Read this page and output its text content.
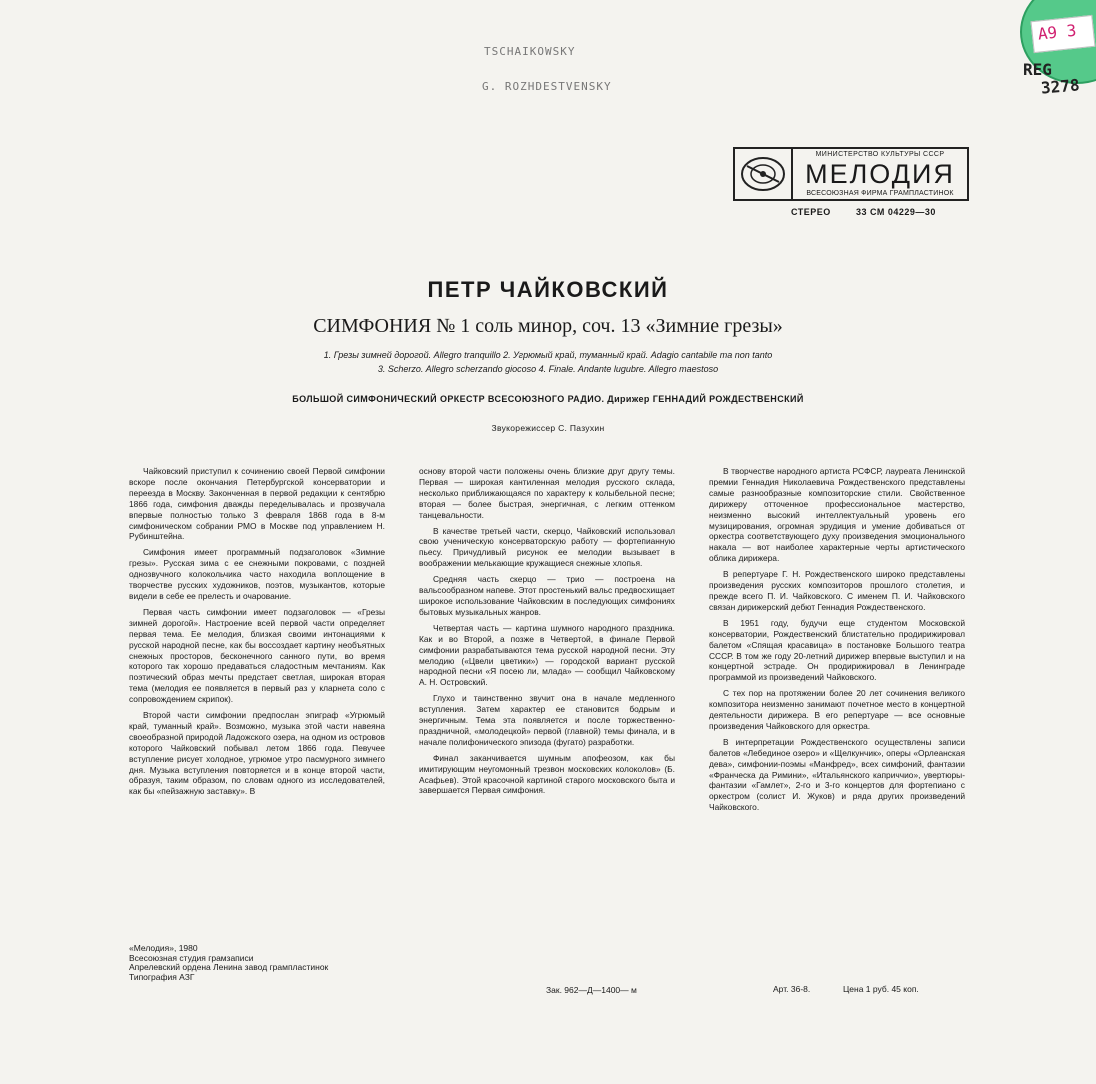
TSCHAIKOWSKY
G. ROZHDESTVENSKY
A9 3
REG
3278
МИНИСТЕРСТВО КУЛЬТУРЫ СССР
МЕЛОДИЯ
ВСЕСОЮЗНАЯ ФИРМА ГРАМПЛАСТИНОК
СТЕРЕО	33 СМ 04229—30
ПЕТР ЧАЙКОВСКИЙ
СИМФОНИЯ № 1 соль минор, соч. 13 «Зимние грезы»
1. Грезы зимней дорогой. Allegro tranquillo 2. Угрюмый край, туманный край. Adagio cantabile ma non tanto
3. Scherzo. Allegro scherzando giocoso 4. Finale. Andante lugubre. Allegro maestoso
БОЛЬШОЙ СИМФОНИЧЕСКИЙ ОРКЕСТР ВСЕСОЮЗНОГО РАДИО. Дирижер ГЕННАДИЙ РОЖДЕСТВЕНСКИЙ
Звукорежиссер С. Пазухин

Чайковский приступил к сочинению своей Первой симфонии вскоре после окончания Петербургской консерватории и переезда в Москву. Законченная в первой редакции к сентябрю 1866 года, симфония дважды переделывалась и прозвучала впервые полностью только 3 февраля 1868 года в 8-м симфоническом собрании РМО в Москве под управлением Н. Рубинштейна.

Симфония имеет программный подзаголовок «Зимние грезы». Русская зима с ее снежными покровами, с поздней однозвучного колокольчика часто находила воплощение в творчестве русских художников, поэтов, музыкантов, которые видели в себе ее прелесть и очарование.

Первая часть симфонии имеет подзаголовок — «Грезы зимней дорогой». Настроение всей первой части определяет первая тема. Ее мелодия, близкая своими интонациями к русской народной песне, как бы воссоздает картину необъятных снежных просторов, бесконечного санного пути, во время которого так хорошо предаваться сладостным мечтаниям. Как поэтический образ мечты предстает светлая, широкая вторая тема (мелодия ее появляется в первый раз у кларнета соло с сопровождением скрипок).

Второй части симфонии предпослан эпиграф «Угрюмый край, туманный край». Возможно, музыка этой части навеяна своеобразной природой Ладожского озера, на одном из островов которого Чайковский побывал летом 1866 года. Певучее вступление рисует холодное, угрюмое утро пасмурного зимнего дня. Музыка вступления повторяется и в конце второй части, образуя, таким образом, по словам одного из исследователей, как бы «пейзажную заставку». В

основу второй части положены очень близкие друг другу темы. Первая — широкая кантиленная мелодия русского склада, несколько приближающаяся по характеру к колыбельной песне; вторая — более быстрая, энергичная, с легким оттенком танцевальности.

В качестве третьей части, скерцо, Чайковский использовал свою ученическую консерваторскую работу — фортепианную пьесу. Причудливый рисунок ее мелодии вызывает в воображении мелькающие кружащиеся снежные хлопья.

Средняя часть скерцо — трио — построена на вальсообразном напеве. Этот простенький вальс предвосхищает широкое использование Чайковским в последующих симфониях бытовых музыкальных жанров.

Четвертая часть — картина шумного народного праздника. Как и во Второй, а позже в Четвертой, в финале Первой симфонии разрабатываются тема русской народной песни. Эту мелодию («Цвели цветики») — городской вариант русской народной песни «Я посею ли, младa» — сообщил Чайковскому А. Н. Островский.

Глухо и таинственно звучит она в начале медленного вступления. Затем характер ее становится бодрым и энергичным. Тема эта появляется и после торжественно-праздничной, «молодецкой» первой (главной) темы финала, и в начале полифонического эпизода (фугато) разработки.

Финал заканчивается шумным апофеозом, как бы имитирующим неугомонный трезвон московских колоколов» (Б. Асафьев). Этой красочной картиной старого московского быта и завершается Первая симфония.

В творчестве народного артиста РСФСР, лауреата Ленинской премии Геннадия Николаевича Рождественского представлены самые разнообразные композиторские стили. Свойственное дирижеру отточенное профессиональное мастерство, неизменно высокий интеллектуальный уровень его музицирования, огромная эрудиция и умение добиваться от оркестра соответствующего духу произведения эмоционального накала — вот наиболее характерные черты артистического облика дирижера.

В репертуаре Г. Н. Рождественского широко представлены произведения русских композиторов прошлого столетия, и прежде всего П. И. Чайковского. С именем П. И. Чайковского связан дирижерский дебют Геннадия Рождественского.

В 1951 году, будучи еще студентом Московской консерватории, Рождественский блистательно продирижировал балетом «Спящая красавица» в постановке Большого театра СССР. В том же году 20-летний дирижер впервые выступил и на концертной эстраде. Он продирижировал в Ленинграде программой из произведений Чайковского.

С тех пор на протяжении более 20 лет сочинения великого композитора неизменно занимают почетное место в концертной деятельности дирижера. В его репертуаре — все основные произведения Чайковского для оркестра.

В интерпретации Рождественского осуществлены записи балетов «Лебединое озеро» и «Щелкунчик», оперы «Орлеанская дева», симфонии-поэмы «Манфред», всех симфоний, фантазии «Франческа да Римини», «Итальянского каприччио», увертюры-фантазии «Гамлет», 2-го и 3-го концертов для фортепиано с оркестром (солист И. Жуков) и ряда других произведений Чайковского.

«Мелодия», 1980
Всесоюзная студия грамзаписи
Апрелевский ордена Ленина завод грампластинок
Типография АЗГ
Зак. 962—Д—1400— м	Арт. 36-8.	Цена 1 руб. 45 коп.
